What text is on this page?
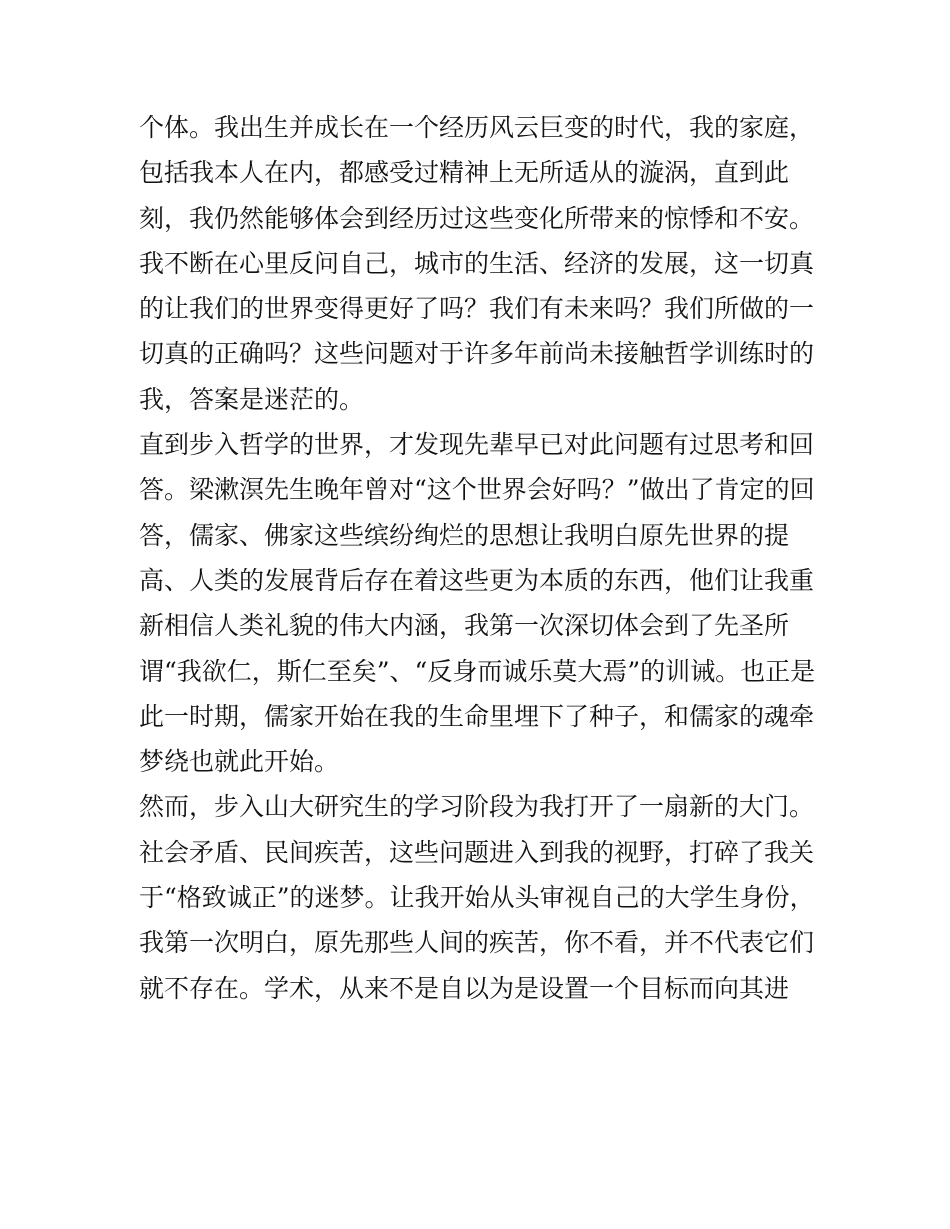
个体。我出生并成长在一个经历风云巨变的时代，我的家庭，
包括我本人在内，都感受过精神上无所适从的漩涡，直到此
刻，我仍然能够体会到经历过这些变化所带来的惊悸和不安。
我不断在心里反问自己，城市的生活、经济的发展，这一切真
的让我们的世界变得更好了吗？我们有未来吗？我们所做的一
切真的正确吗？这些问题对于许多年前尚未接触哲学训练时的
我，答案是迷茫的。
直到步入哲学的世界，才发现先辈早已对此问题有过思考和回
答。梁漱溟先生晚年曾对“这个世界会好吗？”做出了肯定的回
答，儒家、佛家这些缤纷绚烂的思想让我明白原先世界的提
高、人类的发展背后存在着这些更为本质的东西，他们让我重
新相信人类礼貌的伟大内涵，我第一次深切体会到了先圣所
谓“我欲仁，斯仁至矣”、“反身而诚乐莫大焉”的训诫。也正是
此一时期，儒家开始在我的生命里埋下了种子，和儒家的魂牵
梦绕也就此开始。
然而，步入山大研究生的学习阶段为我打开了一扇新的大门。
社会矛盾、民间疾苦，这些问题进入到我的视野，打碎了我关
于“格致诚正”的迷梦。让我开始从头审视自己的大学生身份，
我第一次明白，原先那些人间的疾苦，你不看，并不代表它们
就不存在。学术，从来不是自以为是设置一个目标而向其进
